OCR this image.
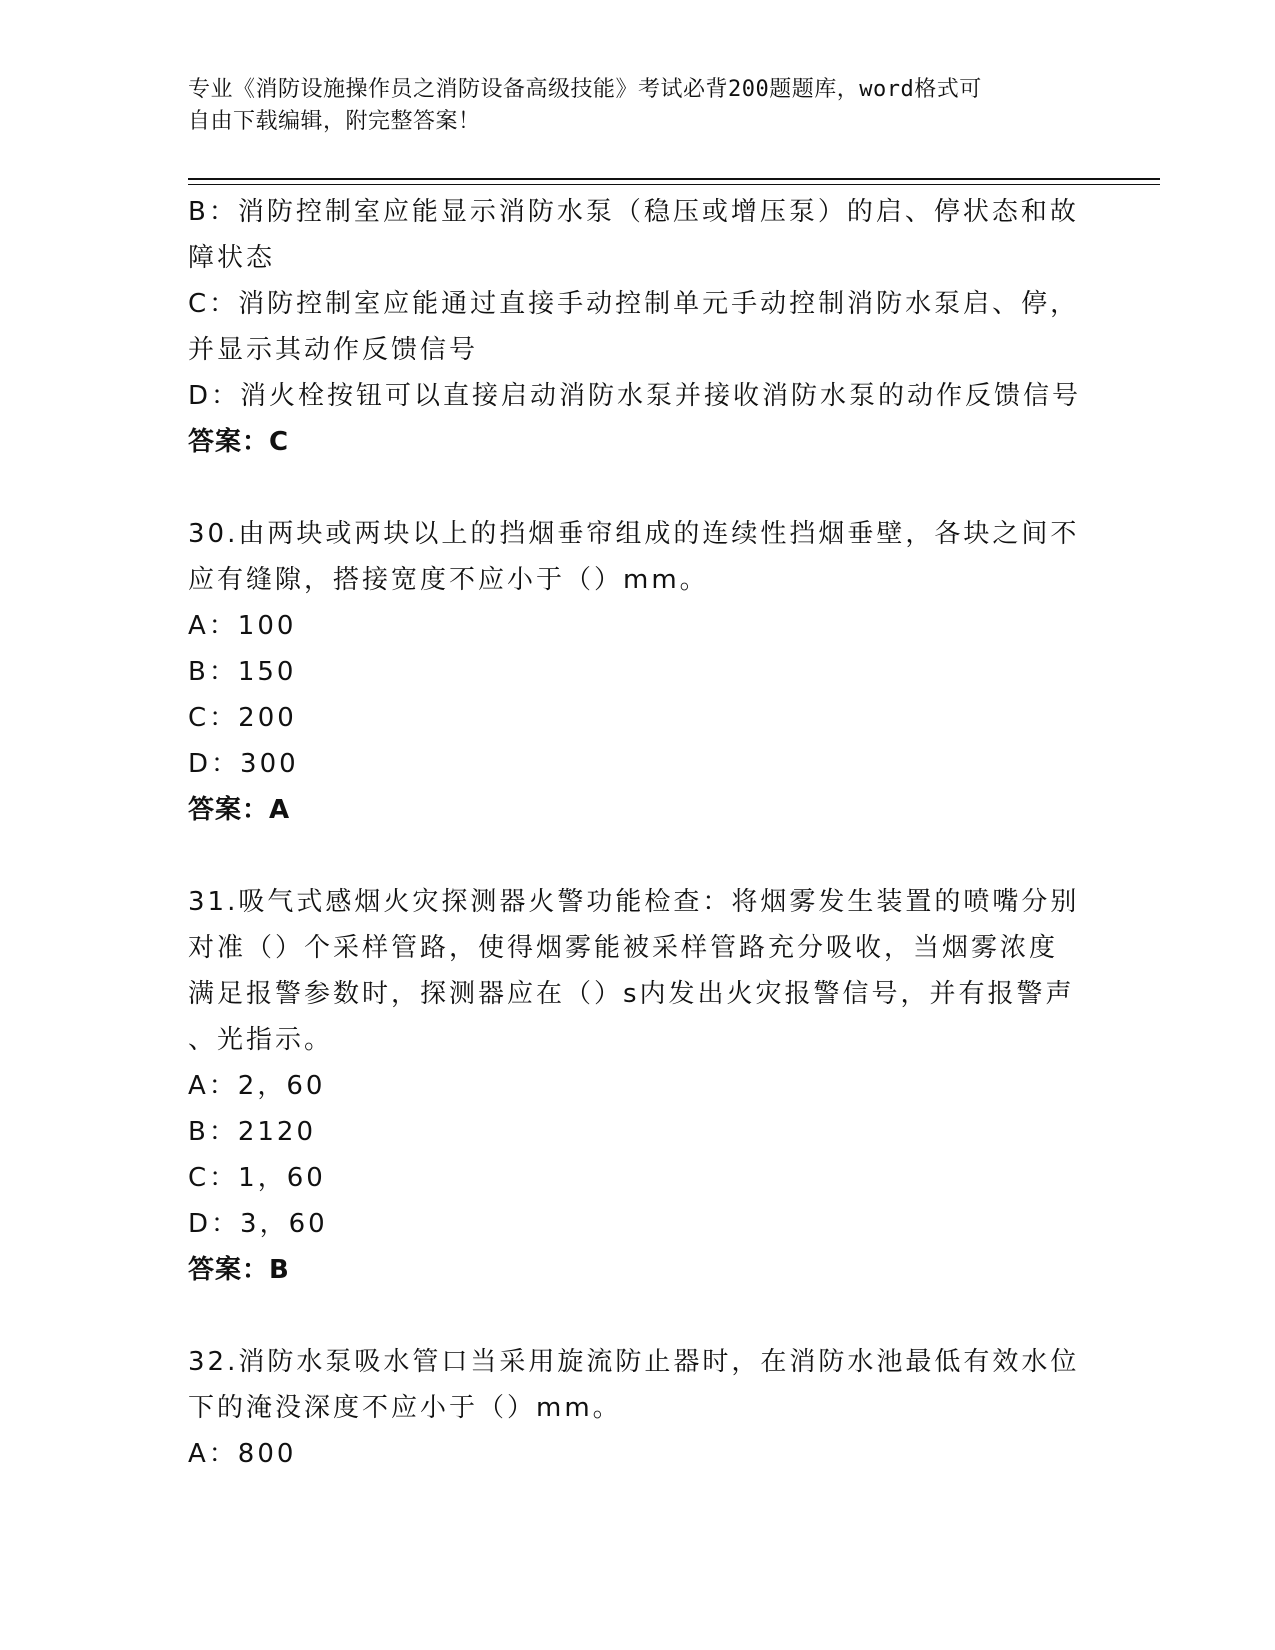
专业《消防设施操作员之消防设备高级技能》考试必背200题题库，word格式可
自由下载编辑，附完整答案！
B：消防控制室应能显示消防水泵（稳压或增压泵）的启、停状态和故
障状态
C：消防控制室应能通过直接手动控制单元手动控制消防水泵启、停，
并显示其动作反馈信号
D：消火栓按钮可以直接启动消防水泵并接收消防水泵的动作反馈信号
答案：C
30.由两块或两块以上的挡烟垂帘组成的连续性挡烟垂壁，各块之间不
应有缝隙，搭接宽度不应小于（）mm。
A：100
B：150
C：200
D：300
答案：A
31.吸气式感烟火灾探测器火警功能检查：将烟雾发生装置的喷嘴分别
对准（）个采样管路，使得烟雾能被采样管路充分吸收，当烟雾浓度
满足报警参数时，探测器应在（）s内发出火灾报警信号，并有报警声
、光指示。
A：2，60
B：2120
C：1，60
D：3，60
答案：B
32.消防水泵吸水管口当采用旋流防止器时，在消防水池最低有效水位
下的淹没深度不应小于（）mm。
A：800
